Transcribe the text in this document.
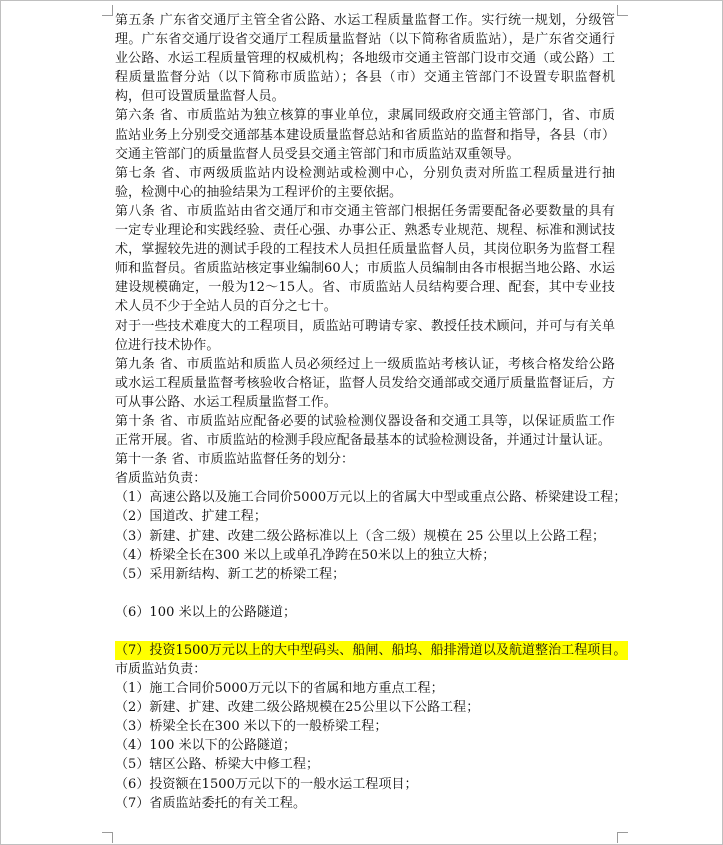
第五条 广东省交通厅主管全省公路、水运工程质量监督工作。实行统一规划，分级管理。广东省交通厅设省交通厅工程质量监督站（以下简称省质监站），是广东省交通行业公路、水运工程质量管理的权威机构；各地级市交通主管部门设市交通（或公路）工程质量监督分站（以下简称市质监站）；各县（市）交通主管部门不设置专职监督机构，但可设置质量监督人员。

第六条 省、市质监站为独立核算的事业单位，隶属同级政府交通主管部门，省、市质监站业务上分别受交通部基本建设质量监督总站和省质监站的监督和指导，各县（市）交通主管部门的质量监督人员受县交通主管部门和市质监站双重领导。

第七条 省、市两级质监站内设检测站或检测中心，分别负责对所监工程质量进行抽验，检测中心的抽验结果为工程评价的主要依据。

第八条 省、市质监站由省交通厅和市交通主管部门根据任务需要配备必要数量的具有一定专业理论和实践经验、责任心强、办事公正、熟悉专业规范、规程、标准和测试技术，掌握较先进的测试手段的工程技术人员担任质量监督人员，其岗位职务为监督工程师和监督员。省质监站核定事业编制60人；市质监人员编制由各市根据当地公路、水运建设规模确定，一般为12～15人。省、市质监站人员结构要合理、配套，其中专业技术人员不少于全站人员的百分之七十。

对于一些技术难度大的工程项目，质监站可聘请专家、教授任技术顾问，并可与有关单位进行技术协作。

第九条 省、市质监站和质监人员必须经过上一级质监站考核认证，考核合格发给公路或水运工程质量监督考核验收合格证，监督人员发给交通部或交通厅质量监督证后，方可从事公路、水运工程质量监督工作。

第十条 省、市质监站应配备必要的试验检测仪器设备和交通工具等，以保证质监工作正常开展。省、市质监站的检测手段应配备最基本的试验检测设备，并通过计量认证。

第十一条 省、市质监站监督任务的划分：

省质监站负责：

（1）高速公路以及施工合同价5000万元以上的省属大中型或重点公路、桥梁建设工程；
（2）国道改、扩建工程；
（3）新建、扩建、改建二级公路标准以上（含二级）规模在 25 公里以上公路工程；
（4）桥梁全长在300 米以上或单孔净跨在50米以上的独立大桥；
（5）采用新结构、新工艺的桥梁工程；
（6）100 米以上的公路隧道；
（7）投资1500万元以上的大中型码头、船闸、船坞、船排滑道以及航道整治工程项目。

市质监站负责：

（1）施工合同价5000万元以下的省属和地方重点工程；
（2）新建、扩建、改建二级公路规模在25公里以下公路工程；
（3）桥梁全长在300 米以下的一般桥梁工程；
（4）100 米以下的公路隧道；
（5）辖区公路、桥梁大中修工程；
（6）投资额在1500万元以下的一般水运工程项目；
（7）省质监站委托的有关工程。
